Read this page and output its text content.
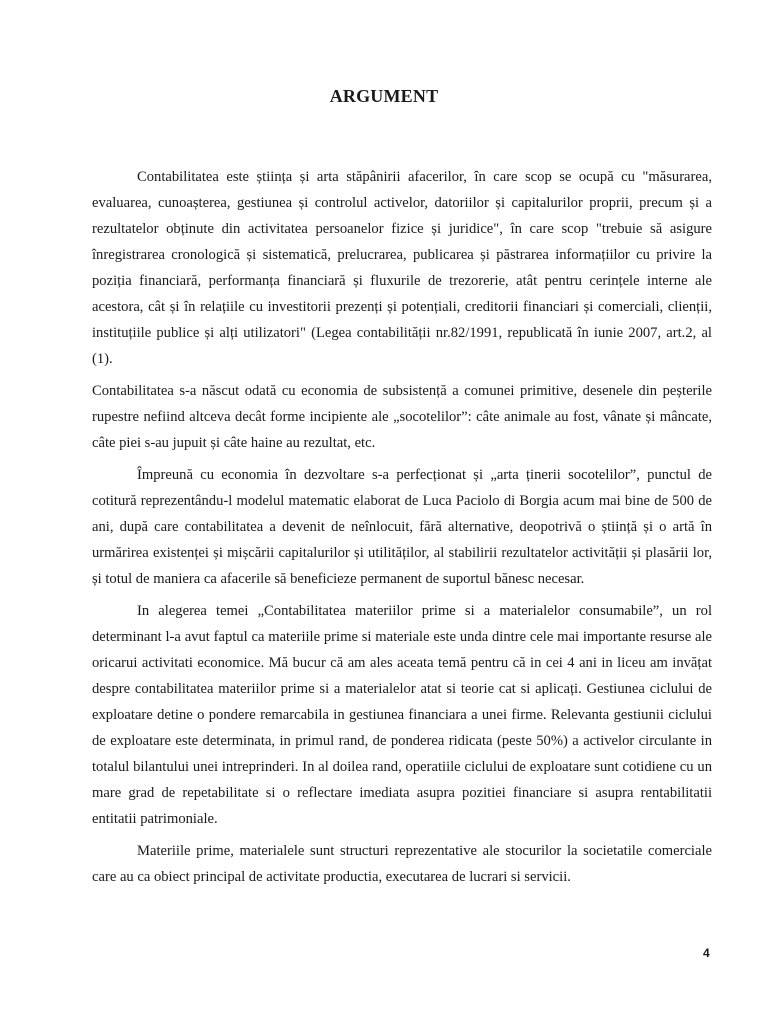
ARGUMENT

Contabilitatea este știința și arta stăpânirii afacerilor, în care scop se ocupă cu "măsurarea, evaluarea, cunoașterea, gestiunea și controlul activelor, datoriilor și capitalurilor proprii, precum și a rezultatelor obținute din activitatea persoanelor fizice și juridice", în care scop "trebuie să asigure înregistrarea cronologică și sistematică, prelucrarea, publicarea și păstrarea informațiilor cu privire la poziția financiară, performanța financiară și fluxurile de trezorerie, atât pentru cerințele interne ale acestora, cât și în relațiile cu investitorii prezenți și potențiali, creditorii financiari și comerciali, clienții, instituțiile publice și alți utilizatori" (Legea contabilității nr.82/1991, republicată în iunie 2007, art.2, al (1).

Contabilitatea s-a născut odată cu economia de subsistență a comunei primitive, desenele din peșterile rupestre nefiind altceva decât forme incipiente ale „socotelilor”: câte animale au fost, vânate și mâncate, câte piei s-au jupuit și câte haine au rezultat, etc.

Împreună cu economia în dezvoltare s-a perfecționat și „arta ținerii socotelilor”, punctul de cotitură reprezentându-l modelul matematic elaborat de Luca Paciolo di Borgia acum mai bine de 500 de ani, după care contabilitatea a devenit de neînlocuit, fără alternative, deopotrivă o știință și o artă în urmărirea existenței și mișcării capitalurilor și utilităților, al stabilirii rezultatelor activității și plasării lor, și totul de maniera ca afacerile să beneficieze permanent de suportul bănesc necesar.

In alegerea temei „Contabilitatea materiilor prime si a materialelor consumabile”, un rol determinant l-a avut faptul ca materiile prime si materiale este unda dintre cele mai importante resurse ale oricarui activitati economice. Mă bucur că am ales aceata temă pentru că in cei 4 ani in liceu am invățat despre contabilitatea materiilor prime si a materialelor atat si teorie cat si aplicați. Gestiunea ciclului de exploatare detine o pondere remarcabila in gestiunea financiara a unei firme. Relevanta gestiunii ciclului de exploatare este determinata, in primul rand, de ponderea ridicata (peste 50%) a activelor circulante in totalul bilantului unei intreprinderi. In al doilea rand, operatiile ciclului de exploatare sunt cotidiene cu un mare grad de repetabilitate si o reflectare imediata asupra pozitiei financiare si asupra rentabilitatii entitatii patrimoniale.

Materiile prime, materialele sunt structuri reprezentative ale stocurilor la societatile comerciale care au ca obiect principal de activitate productia, executarea de lucrari si servicii.

4
